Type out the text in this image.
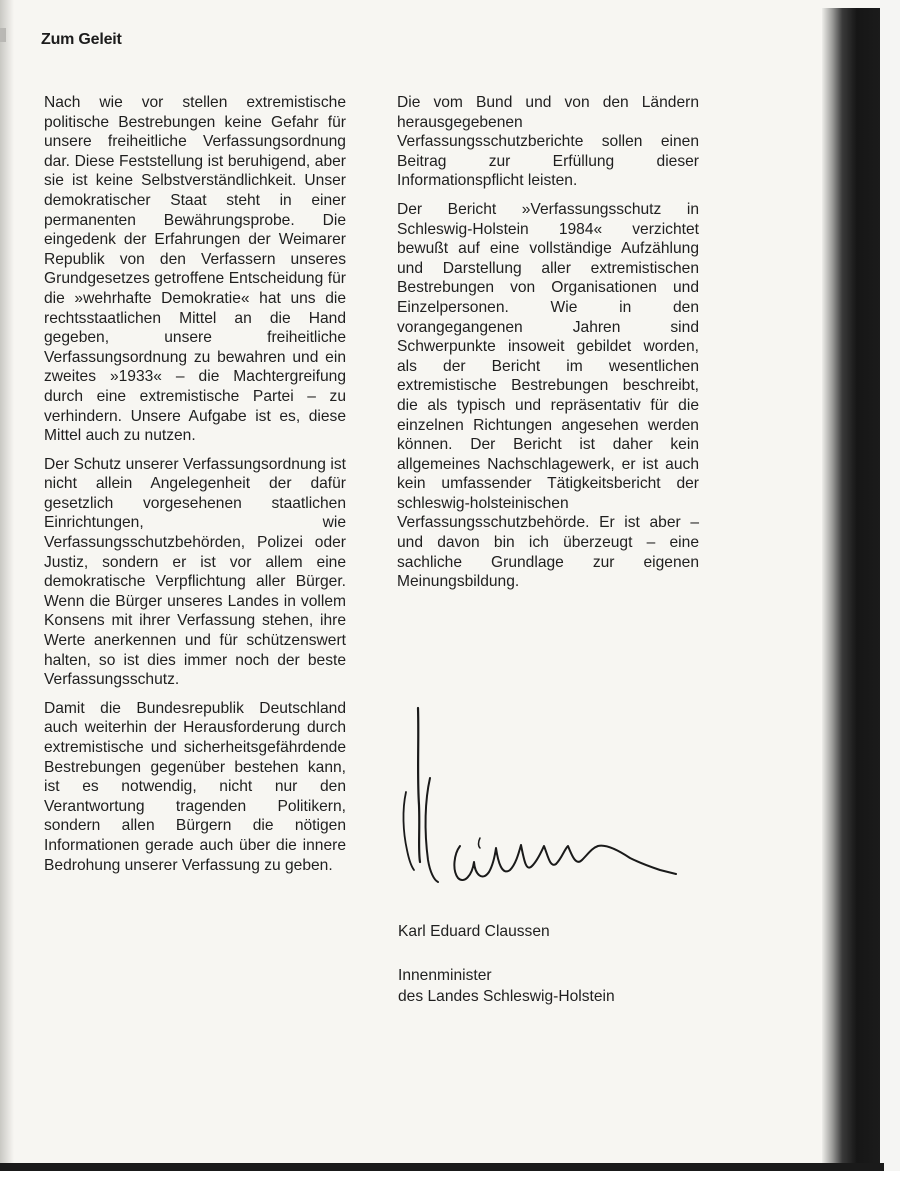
Zum Geleit

Nach wie vor stellen extremistische politische Bestrebungen keine Gefahr für unsere freiheitliche Verfassungsordnung dar. Diese Feststellung ist beruhigend, aber sie ist keine Selbstverständlichkeit. Unser demokratischer Staat steht in einer permanenten Bewährungsprobe. Die eingedenk der Erfahrungen der Weimarer Republik von den Verfassern unseres Grundgesetzes getroffene Entscheidung für die »wehrhafte Demokratie« hat uns die rechtsstaatlichen Mittel an die Hand gegeben, unsere freiheitliche Verfassungsordnung zu bewahren und ein zweites »1933« – die Machtergreifung durch eine extremistische Partei – zu verhindern. Unsere Aufgabe ist es, diese Mittel auch zu nutzen.

Der Schutz unserer Verfassungsordnung ist nicht allein Angelegenheit der dafür gesetzlich vorgesehenen staatlichen Einrichtungen, wie Verfassungsschutzbehörden, Polizei oder Justiz, sondern er ist vor allem eine demokratische Verpflichtung aller Bürger. Wenn die Bürger unseres Landes in vollem Konsens mit ihrer Verfassung stehen, ihre Werte anerkennen und für schützenswert halten, so ist dies immer noch der beste Verfassungsschutz.

Damit die Bundesrepublik Deutschland auch weiterhin der Herausforderung durch extremistische und sicherheitsgefährdende Bestrebungen gegenüber bestehen kann, ist es notwendig, nicht nur den Verantwortung tragenden Politikern, sondern allen Bürgern die nötigen Informationen gerade auch über die innere Bedrohung unserer Verfassung zu geben.

Die vom Bund und von den Ländern herausgegebenen Verfassungsschutzberichte sollen einen Beitrag zur Erfüllung dieser Informationspflicht leisten.

Der Bericht »Verfassungsschutz in Schleswig-Holstein 1984« verzichtet bewußt auf eine vollständige Aufzählung und Darstellung aller extremistischen Bestrebungen von Organisationen und Einzelpersonen. Wie in den vorangegangenen Jahren sind Schwerpunkte insoweit gebildet worden, als der Bericht im wesentlichen extremistische Bestrebungen beschreibt, die als typisch und repräsentativ für die einzelnen Richtungen angesehen werden können. Der Bericht ist daher kein allgemeines Nachschlagewerk, er ist auch kein umfassender Tätigkeitsbericht der schleswig-holsteinischen Verfassungsschutzbehörde. Er ist aber – und davon bin ich überzeugt – eine sachliche Grundlage zur eigenen Meinungsbildung.

Karl Eduard Claussen
Innenminister
des Landes Schleswig-Holstein
